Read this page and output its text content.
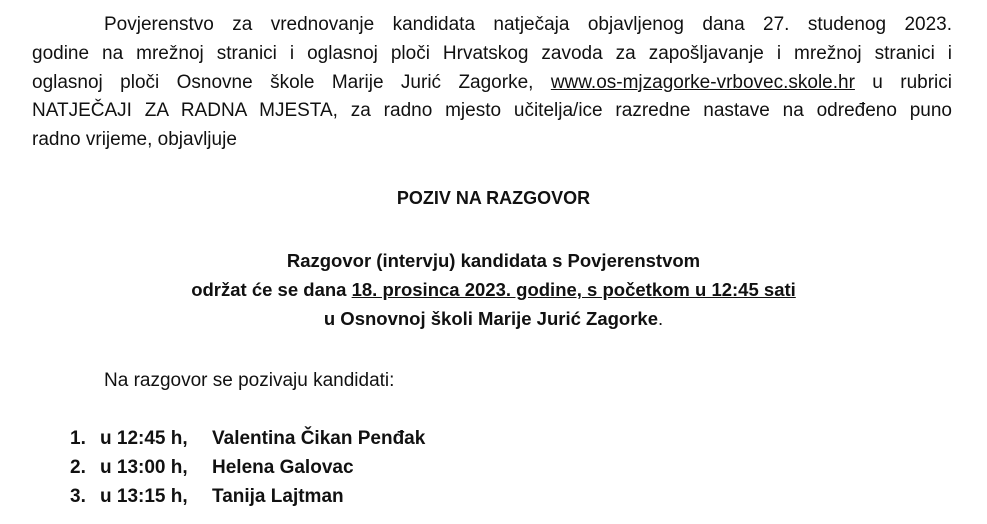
Povjerenstvo za vrednovanje kandidata natječaja objavljenog dana 27. studenog 2023.
godine na mrežnoj stranici i oglasnoj ploči Hrvatskog zavoda za zapošljavanje i mrežnoj stranici i
oglasnoj ploči Osnovne škole Marije Jurić Zagorke, www.os-mjzagorke-vrbovec.skole.hr u rubrici
NATJEČAJI ZA RADNA MJESTA, za radno mjesto učitelja/ice razredne nastave na određeno puno
radno vrijeme, objavljuje
POZIV NA RAZGOVOR
Razgovor (intervju) kandidata s Povjerenstvom
održat će se dana 18. prosinca 2023. godine, s početkom u 12:45 sati
u Osnovnoj školi Marije Jurić Zagorke.

Na razgovor se pozivaju kandidati:

1. u 12:45 h, Valentina Čikan Penđak
2. u 13:00 h, Helena Galovac
3. u 13:15 h, Tanija Lajtman
